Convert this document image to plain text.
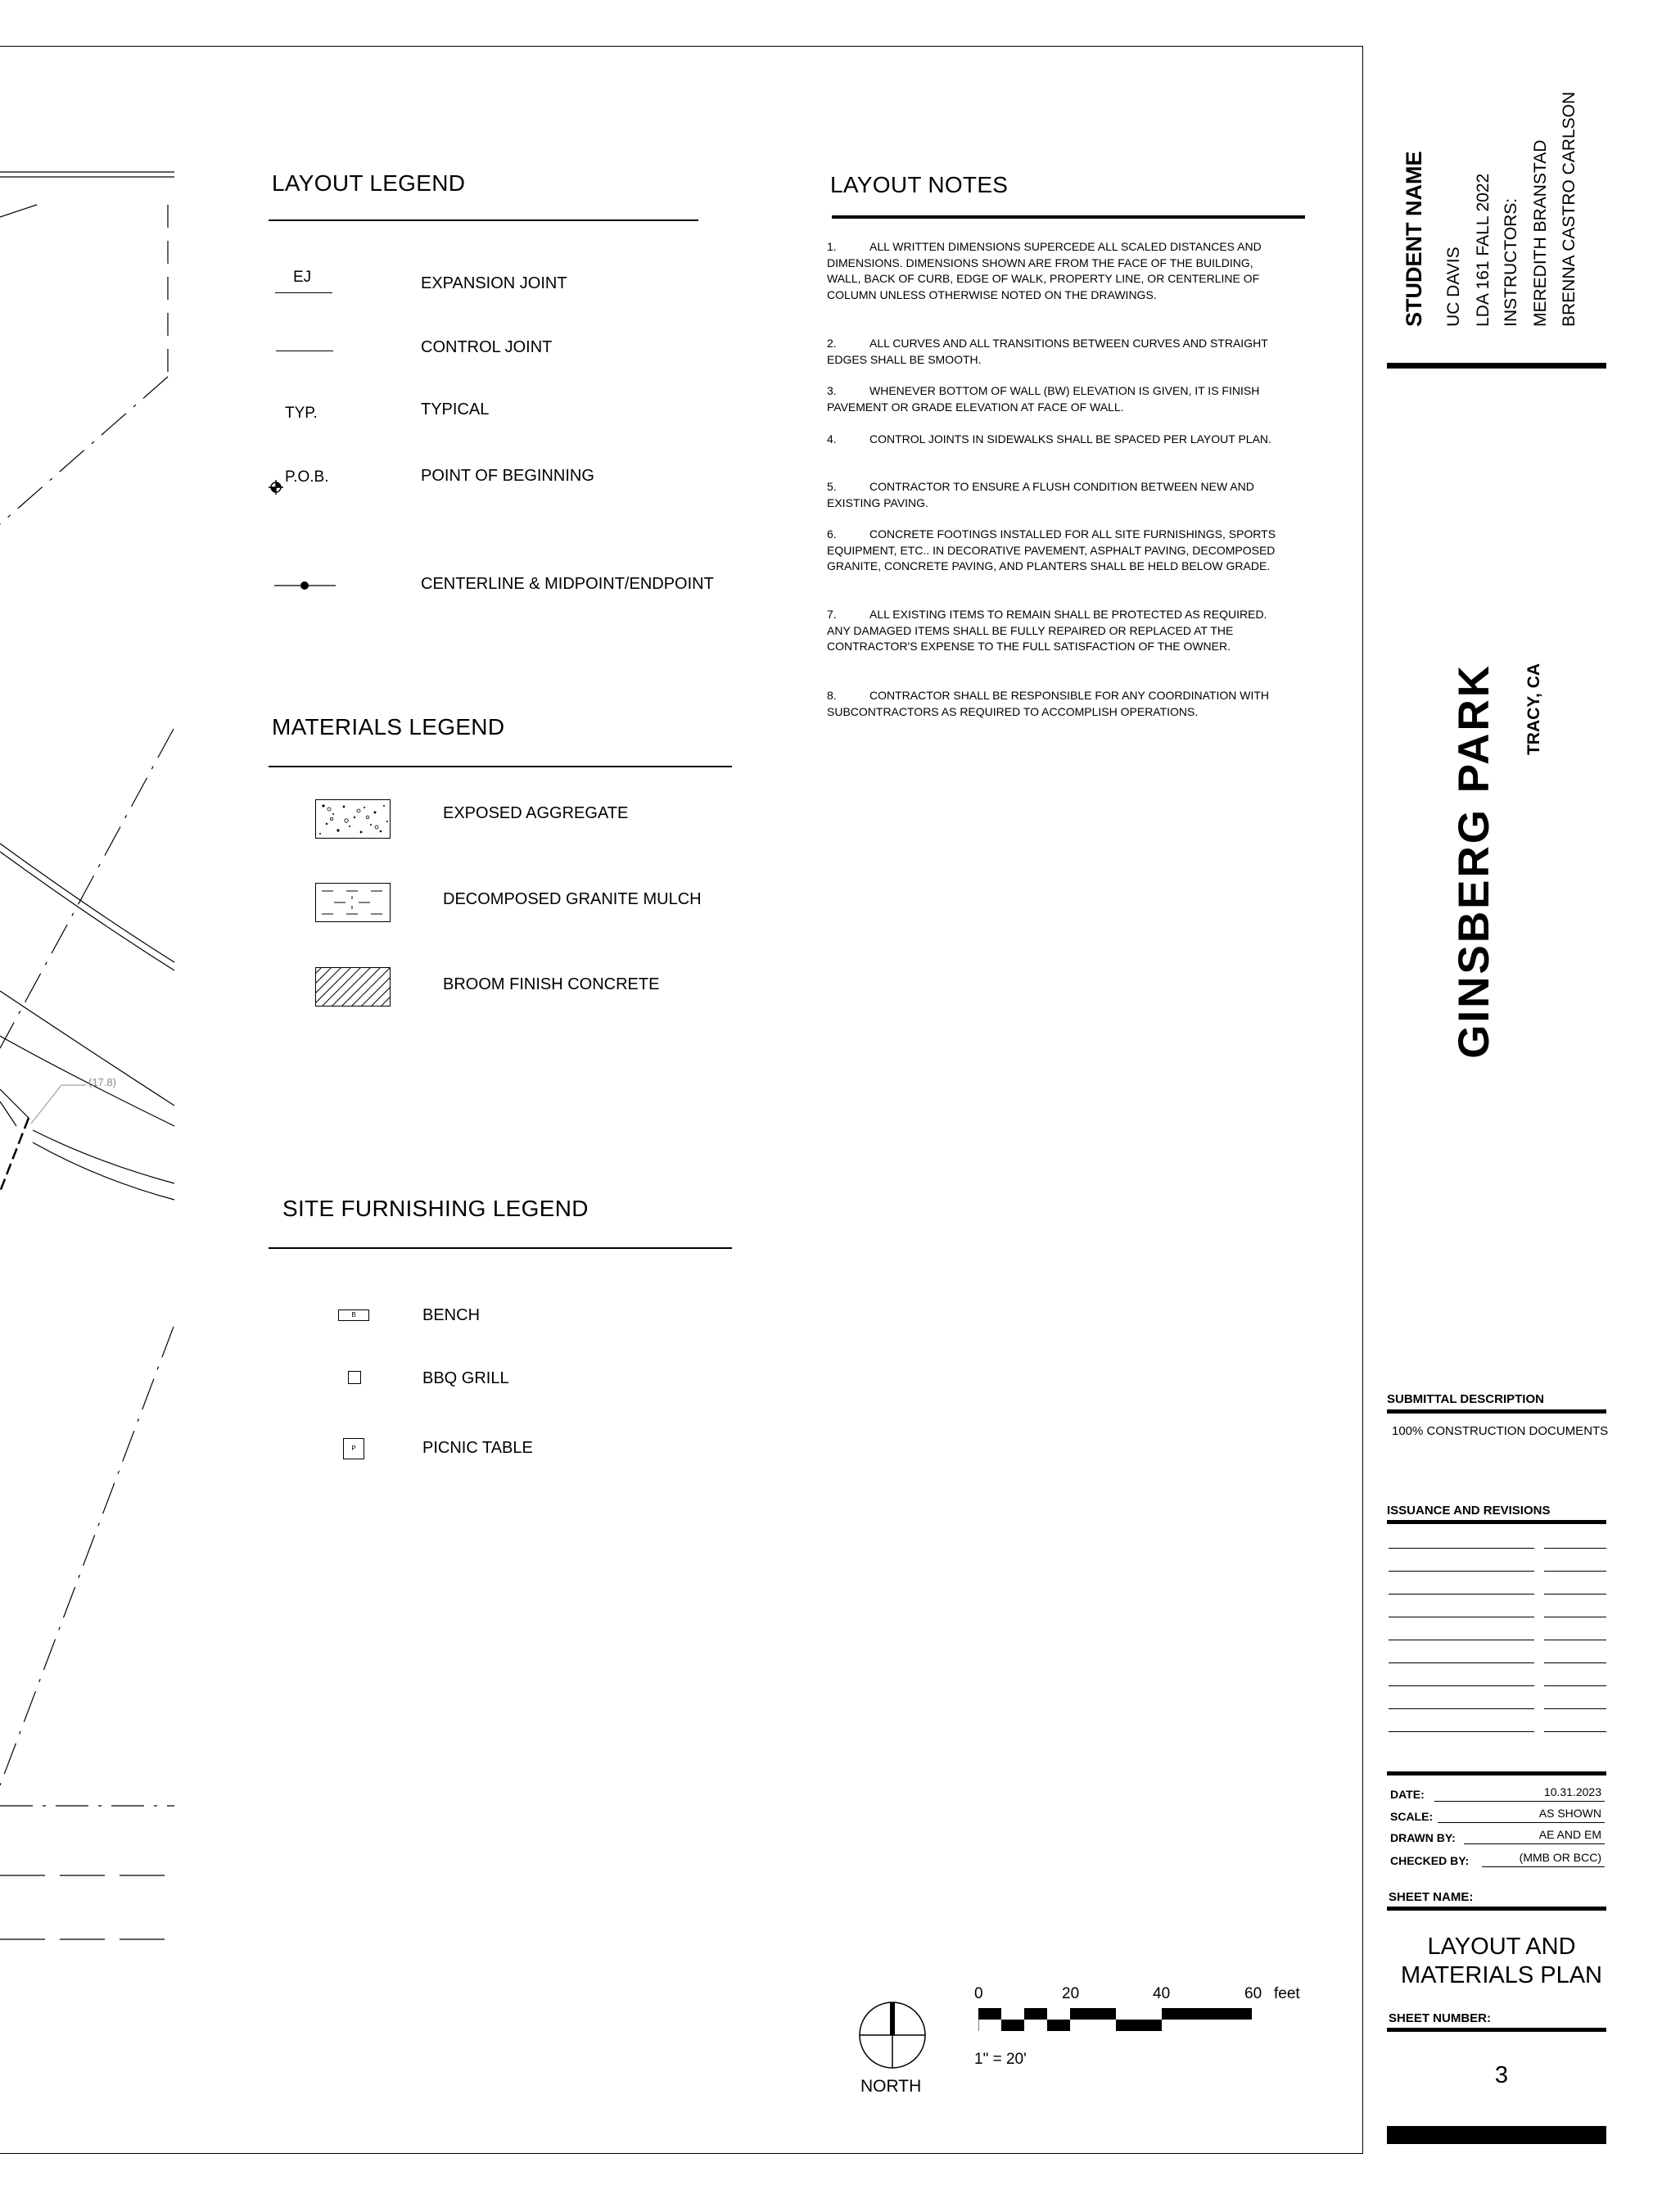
(17.8)
LAYOUT LEGEND
EJ	EXPANSION JOINT
CONTROL JOINT
TYP.	TYPICAL
P.O.B.	POINT OF BEGINNING
CENTERLINE & MIDPOINT/ENDPOINT
MATERIALS LEGEND
EXPOSED AGGREGATE
DECOMPOSED GRANITE MULCH
BROOM FINISH CONCRETE
SITE FURNISHING LEGEND
B	BENCH
BBQ GRILL
P	PICNIC TABLE
LAYOUT NOTES
1.	ALL WRITTEN DIMENSIONS SUPERCEDE ALL SCALED DISTANCES AND DIMENSIONS. DIMENSIONS SHOWN ARE FROM THE FACE OF THE BUILDING, WALL, BACK OF CURB, EDGE OF WALK, PROPERTY LINE, OR CENTERLINE OF COLUMN UNLESS OTHERWISE NOTED ON THE DRAWINGS.
2.	ALL CURVES AND ALL TRANSITIONS BETWEEN CURVES AND STRAIGHT EDGES SHALL BE SMOOTH.
3.	WHENEVER BOTTOM OF WALL (BW) ELEVATION IS GIVEN, IT IS FINISH PAVEMENT OR GRADE ELEVATION AT FACE OF WALL.
4.	CONTROL JOINTS IN SIDEWALKS SHALL BE SPACED PER LAYOUT PLAN.
5.	CONTRACTOR TO ENSURE A FLUSH CONDITION BETWEEN NEW AND EXISTING PAVING.
6.	CONCRETE FOOTINGS INSTALLED FOR ALL SITE FURNISHINGS, SPORTS EQUIPMENT, ETC.. IN DECORATIVE PAVEMENT, ASPHALT PAVING, DECOMPOSED GRANITE, CONCRETE PAVING, AND PLANTERS SHALL BE HELD BELOW GRADE.
7.	ALL EXISTING ITEMS TO REMAIN SHALL BE PROTECTED AS REQUIRED. ANY DAMAGED ITEMS SHALL BE FULLY REPAIRED OR REPLACED AT THE CONTRACTOR'S EXPENSE TO THE FULL SATISFACTION OF THE OWNER.
8.	CONTRACTOR SHALL BE RESPONSIBLE FOR ANY COORDINATION WITH SUBCONTRACTORS AS REQUIRED TO ACCOMPLISH OPERATIONS.
NORTH
0	20	40	60 feet
1" = 20'
STUDENT NAME UC DAVIS LDA 161 FALL 2022 INSTRUCTORS: MEREDITH BRANSTAD BRENNA CASTRO CARLSON
GINSBERG PARK TRACY, CA
SUBMITTAL DESCRIPTION
100% CONSTRUCTION DOCUMENTS
ISSUANCE AND REVISIONS
DATE:	10.31.2023
SCALE:	AS SHOWN
DRAWN BY:	AE AND EM
CHECKED BY:	(MMB OR BCC)
SHEET NAME:
LAYOUT AND
MATERIALS PLAN
SHEET NUMBER:
3
